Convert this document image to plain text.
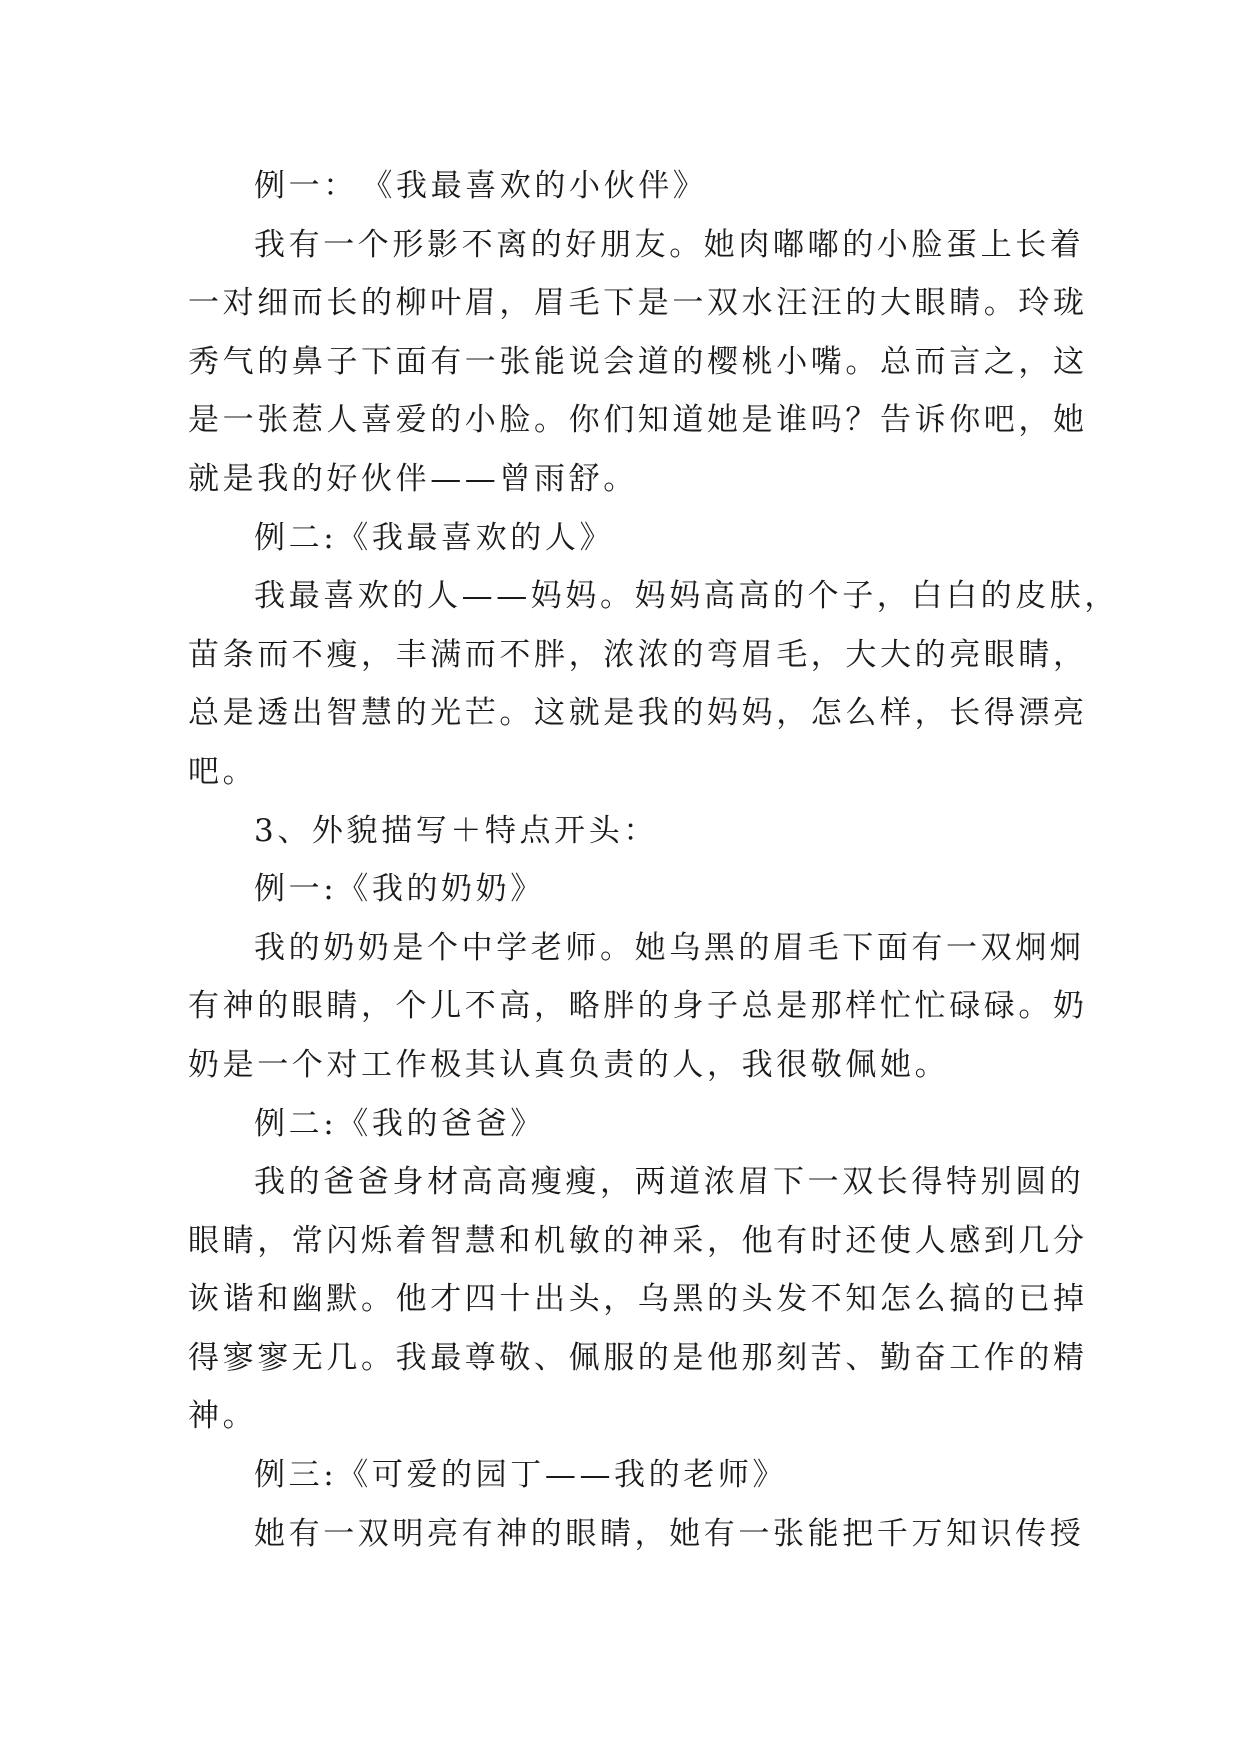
例一：　《我最喜欢的小伙伴》
我有一个形影不离的好朋友。她肉嘟嘟的小脸蛋上长着
一对细而长的柳叶眉，眉毛下是一双水汪汪的大眼睛。玲珑
秀气的鼻子下面有一张能说会道的樱桃小嘴。总而言之，这
是一张惹人喜爱的小脸。你们知道她是谁吗？告诉你吧，她
就是我的好伙伴——曾雨舒。
例二:《我最喜欢的人》
我最喜欢的人——妈妈。妈妈高高的个子，白白的皮肤，
苗条而不瘦，丰满而不胖，浓浓的弯眉毛，大大的亮眼睛，
总是透出智慧的光芒。这就是我的妈妈，怎么样，长得漂亮
吧。
3、外貌描写＋特点开头：
例一:《我的奶奶》
我的奶奶是个中学老师。她乌黑的眉毛下面有一双炯炯
有神的眼睛，个儿不高，略胖的身子总是那样忙忙碌碌。奶
奶是一个对工作极其认真负责的人，我很敬佩她。
例二:《我的爸爸》
我的爸爸身材高高瘦瘦，两道浓眉下一双长得特别圆的
眼睛，常闪烁着智慧和机敏的神采，他有时还使人感到几分
诙谐和幽默。他才四十出头，乌黑的头发不知怎么搞的已掉
得寥寥无几。我最尊敬、佩服的是他那刻苦、勤奋工作的精
神。
例三:《可爱的园丁——我的老师》
她有一双明亮有神的眼睛，她有一张能把千万知识传授
